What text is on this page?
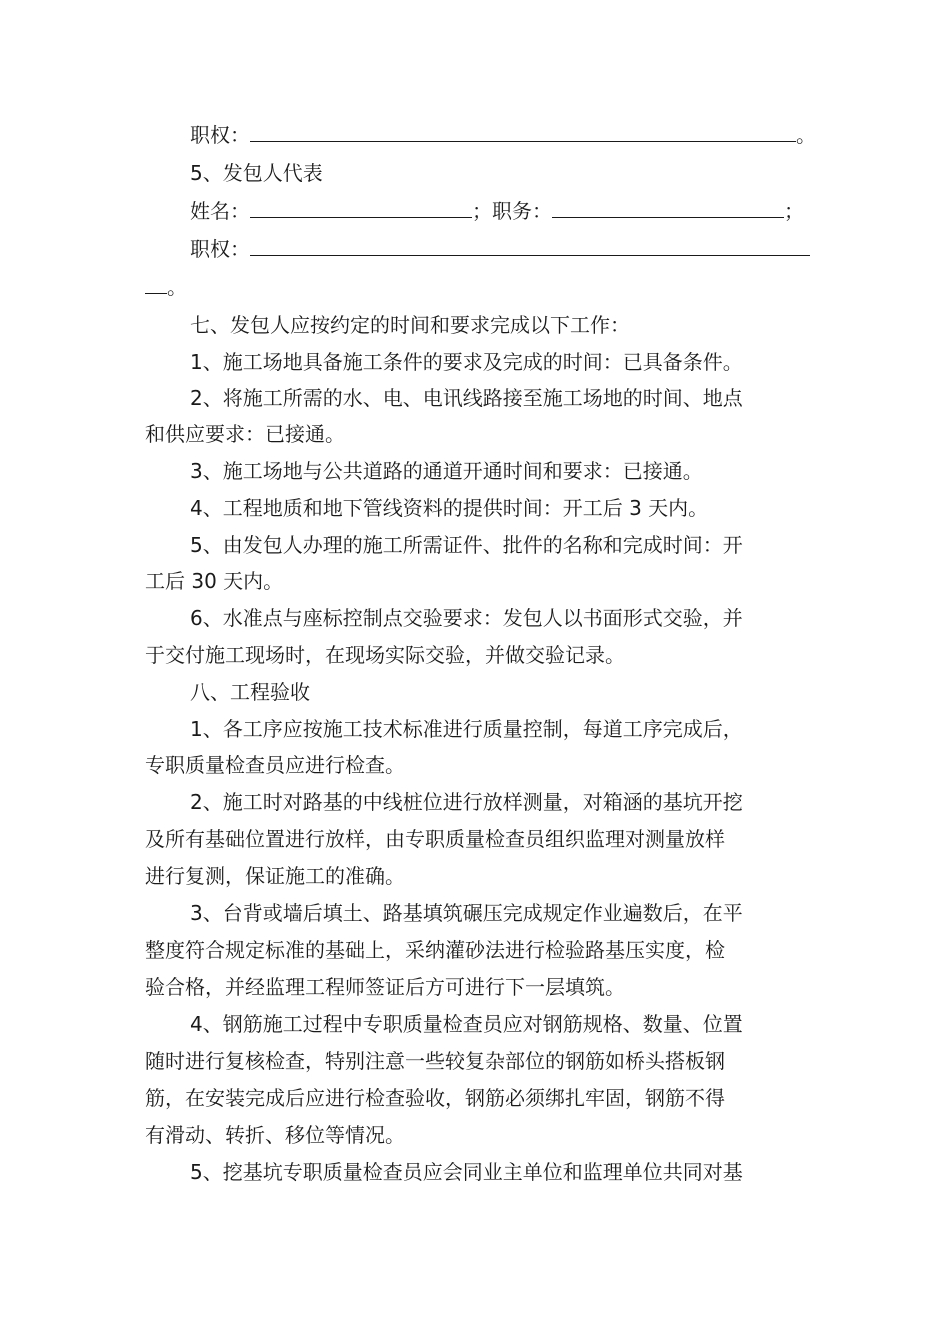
职权：	。
5、发包人代表
姓名：	；职务：	；
职权：
。
七、发包人应按约定的时间和要求完成以下工作：
1、施工场地具备施工条件的要求及完成的时间：已具备条件。
2、将施工所需的水、电、电讯线路接至施工场地的时间、地点
和供应要求：已接通。
3、施工场地与公共道路的通道开通时间和要求：已接通。
4、工程地质和地下管线资料的提供时间：开工后 3 天内。
5、由发包人办理的施工所需证件、批件的名称和完成时间：开
工后 30 天内。
6、水准点与座标控制点交验要求：发包人以书面形式交验，并
于交付施工现场时，在现场实际交验，并做交验记录。
八、工程验收
1、各工序应按施工技术标准进行质量控制，每道工序完成后，
专职质量检查员应进行检查。
2、施工时对路基的中线桩位进行放样测量，对箱涵的基坑开挖
及所有基础位置进行放样，由专职质量检查员组织监理对测量放样
进行复测，保证施工的准确。
3、台背或墙后填土、路基填筑碾压完成规定作业遍数后，在平
整度符合规定标准的基础上，采纳灌砂法进行检验路基压实度，检
验合格，并经监理工程师签证后方可进行下一层填筑。
4、钢筋施工过程中专职质量检查员应对钢筋规格、数量、位置
随时进行复核检查，特别注意一些较复杂部位的钢筋如桥头搭板钢
筋，在安装完成后应进行检查验收，钢筋必须绑扎牢固，钢筋不得
有滑动、转折、移位等情况。
5、挖基坑专职质量检查员应会同业主单位和监理单位共同对基
